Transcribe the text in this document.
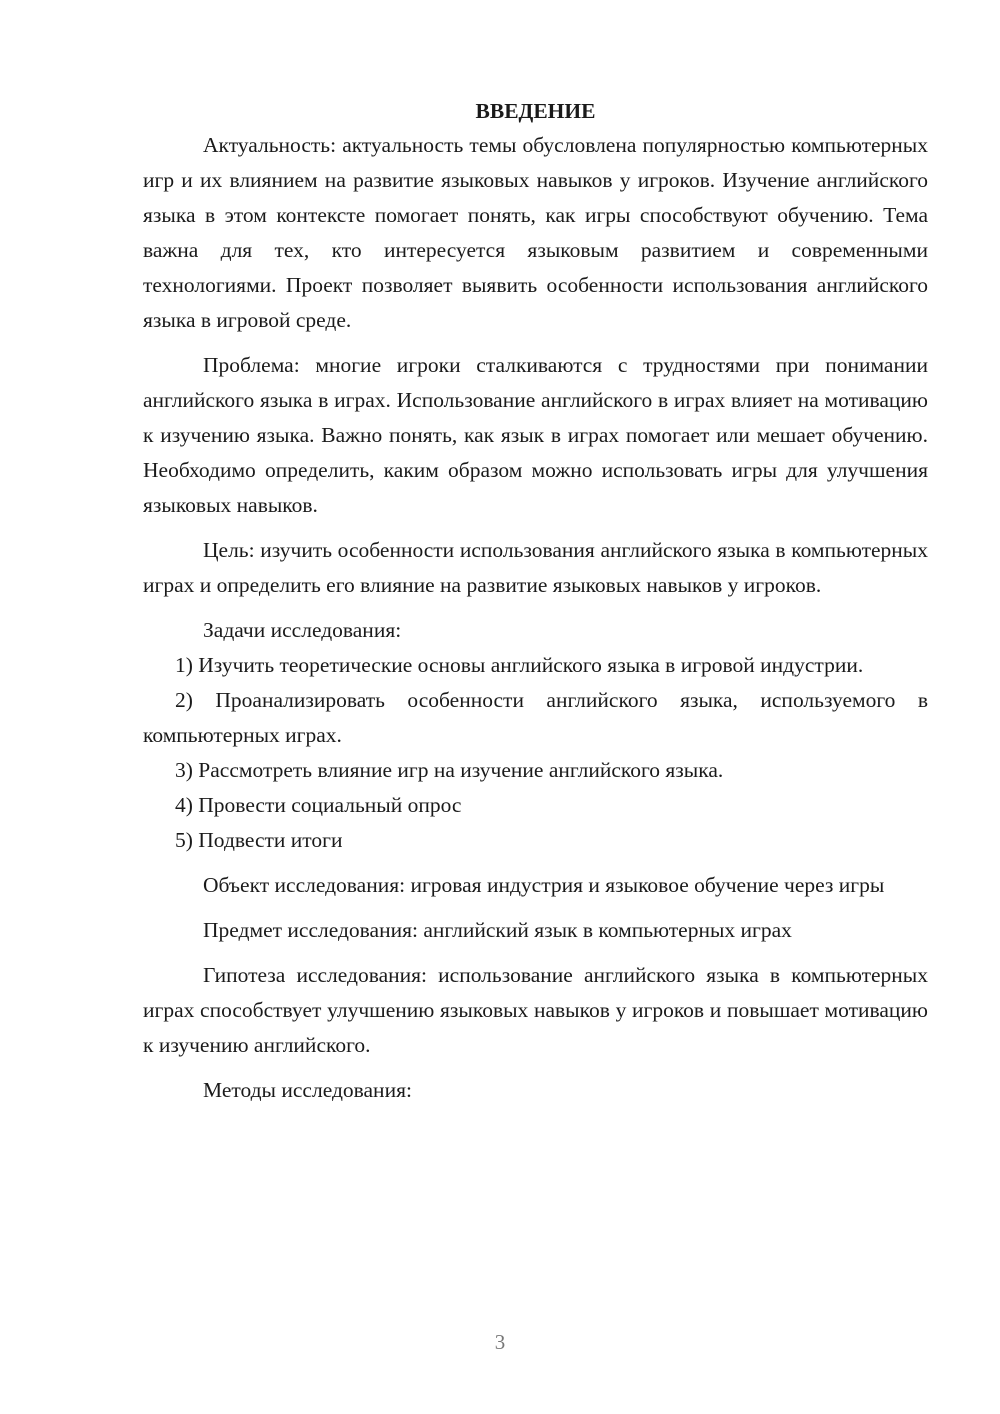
ВВЕДЕНИЕ

Актуальность: актуальность темы обусловлена популярностью компьютерных игр и их влиянием на развитие языковых навыков у игроков. Изучение английского языка в этом контексте помогает понять, как игры способствуют обучению. Тема важна для тех, кто интересуется языковым развитием и современными технологиями. Проект позволяет выявить особенности использования английского языка в игровой среде.

Проблема: многие игроки сталкиваются с трудностями при понимании английского языка в играх. Использование английского в играх влияет на мотивацию к изучению языка. Важно понять, как язык в играх помогает или мешает обучению. Необходимо определить, каким образом можно использовать игры для улучшения языковых навыков.

Цель: изучить особенности использования английского языка в компьютерных играх и определить его влияние на развитие языковых навыков у игроков.

Задачи исследования:

1) Изучить теоретические основы английского языка в игровой индустрии.

2) Проанализировать особенности английского языка, используемого в компьютерных играх.

3) Рассмотреть влияние игр на изучение английского языка.

4) Провести социальный опрос

5) Подвести итоги

Объект исследования: игровая индустрия и языковое обучение через игры

Предмет исследования: английский язык в компьютерных играх

Гипотеза исследования: использование английского языка в компьютерных играх способствует улучшению языковых навыков у игроков и повышает мотивацию к изучению английского.

Методы исследования:

3
